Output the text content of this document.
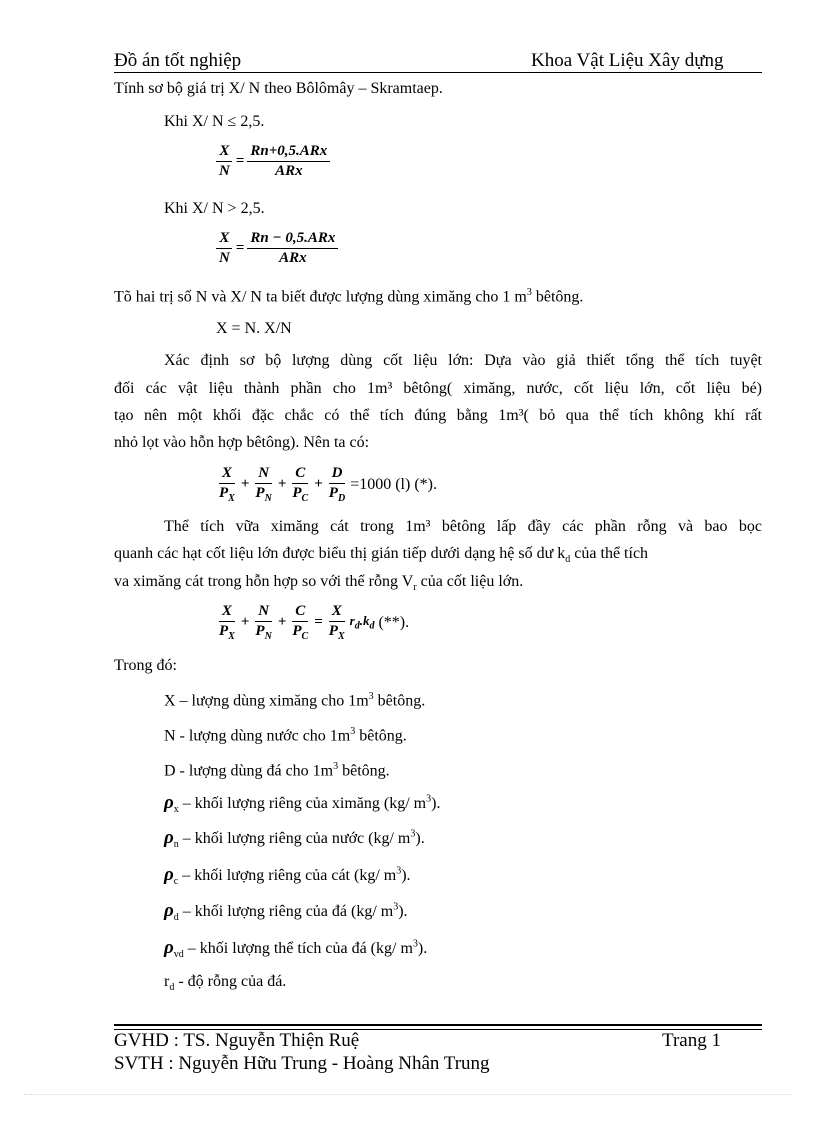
Đồ án tốt nghiệp	Khoa Vật Liệu Xây dựng
Tính sơ bộ giá trị X/ N theo Bôlômây – Skramtaep.
Khi X/ N ≤ 2,5.
$\frac{X}{N} = \frac{\text{Rn+0,5.ARx}}{\text{ARx}}$
Khi X/ N > 2,5.
$\frac{X}{N} = \frac{\text{Rn − 0,5.ARx}}{\text{ARx}}$
Tõ hai trị số N và X/ N ta biết được lượng dùng ximăng cho 1 $m^3$ bêtông.
X = N. X/N
Xác định sơ bộ lượng dùng cốt liệu lớn: Dựa vào giả thiết tổng thể tích tuyệt
đối các vật liệu thành phần cho 1m³ bêtông( ximăng, nước, cốt liệu lớn, cốt liệu bé)
tạo nên một khối đặc chắc có thể tích đúng bằng 1m³( bỏ qua thể tích không khí rất
nhỏ lọt vào hỗn hợp bêtông). Nên ta có:
$\frac{X}{P_X} + \frac{N}{P_N} + \frac{C}{P_C} + \frac{D}{P_D} =1000$ (l) (*).
Thể tích vữa ximăng cát trong 1m³ bêtông lấp đầy các phần rỗng và bao bọc
quanh các hạt cốt liệu lớn được biểu thị gián tiếp dưới dạng hệ số dư $k_d$ của thể tích
va ximăng cát trong hỗn hợp so với thể rỗng $V_r$ của cốt liệu lớn.
$\frac{X}{P_X} + \frac{N}{P_N} + \frac{C}{P_C} = \frac{X}{P_X} r_d.k_d$ (**).
Trong đó:
X – lượng dùng ximăng cho $1m^3$ bêtông.
N - lượng dùng nước cho $1m^3$ bêtông.
D - lượng dùng đá cho $1m^3$ bêtông.
$\rho_x$ – khối lượng riêng của ximăng (kg/ $m^3$).
$\rho_n$ – khối lượng riêng của nước (kg/ $m^3$).
$\rho_c$ – khối lượng riêng của cát (kg/ $m^3$).
$\rho_d$ – khối lượng riêng của đá (kg/ $m^3$).
$\rho_{vd}$ – khối lượng thể tích của đá (kg/ $m^3$).
$r_d$ - độ rỗng của đá.
GVHD : TS. Nguyễn Thiện Ruệ	Trang 1
SVTH : Nguyễn Hữu Trung - Hoàng Nhân Trung
